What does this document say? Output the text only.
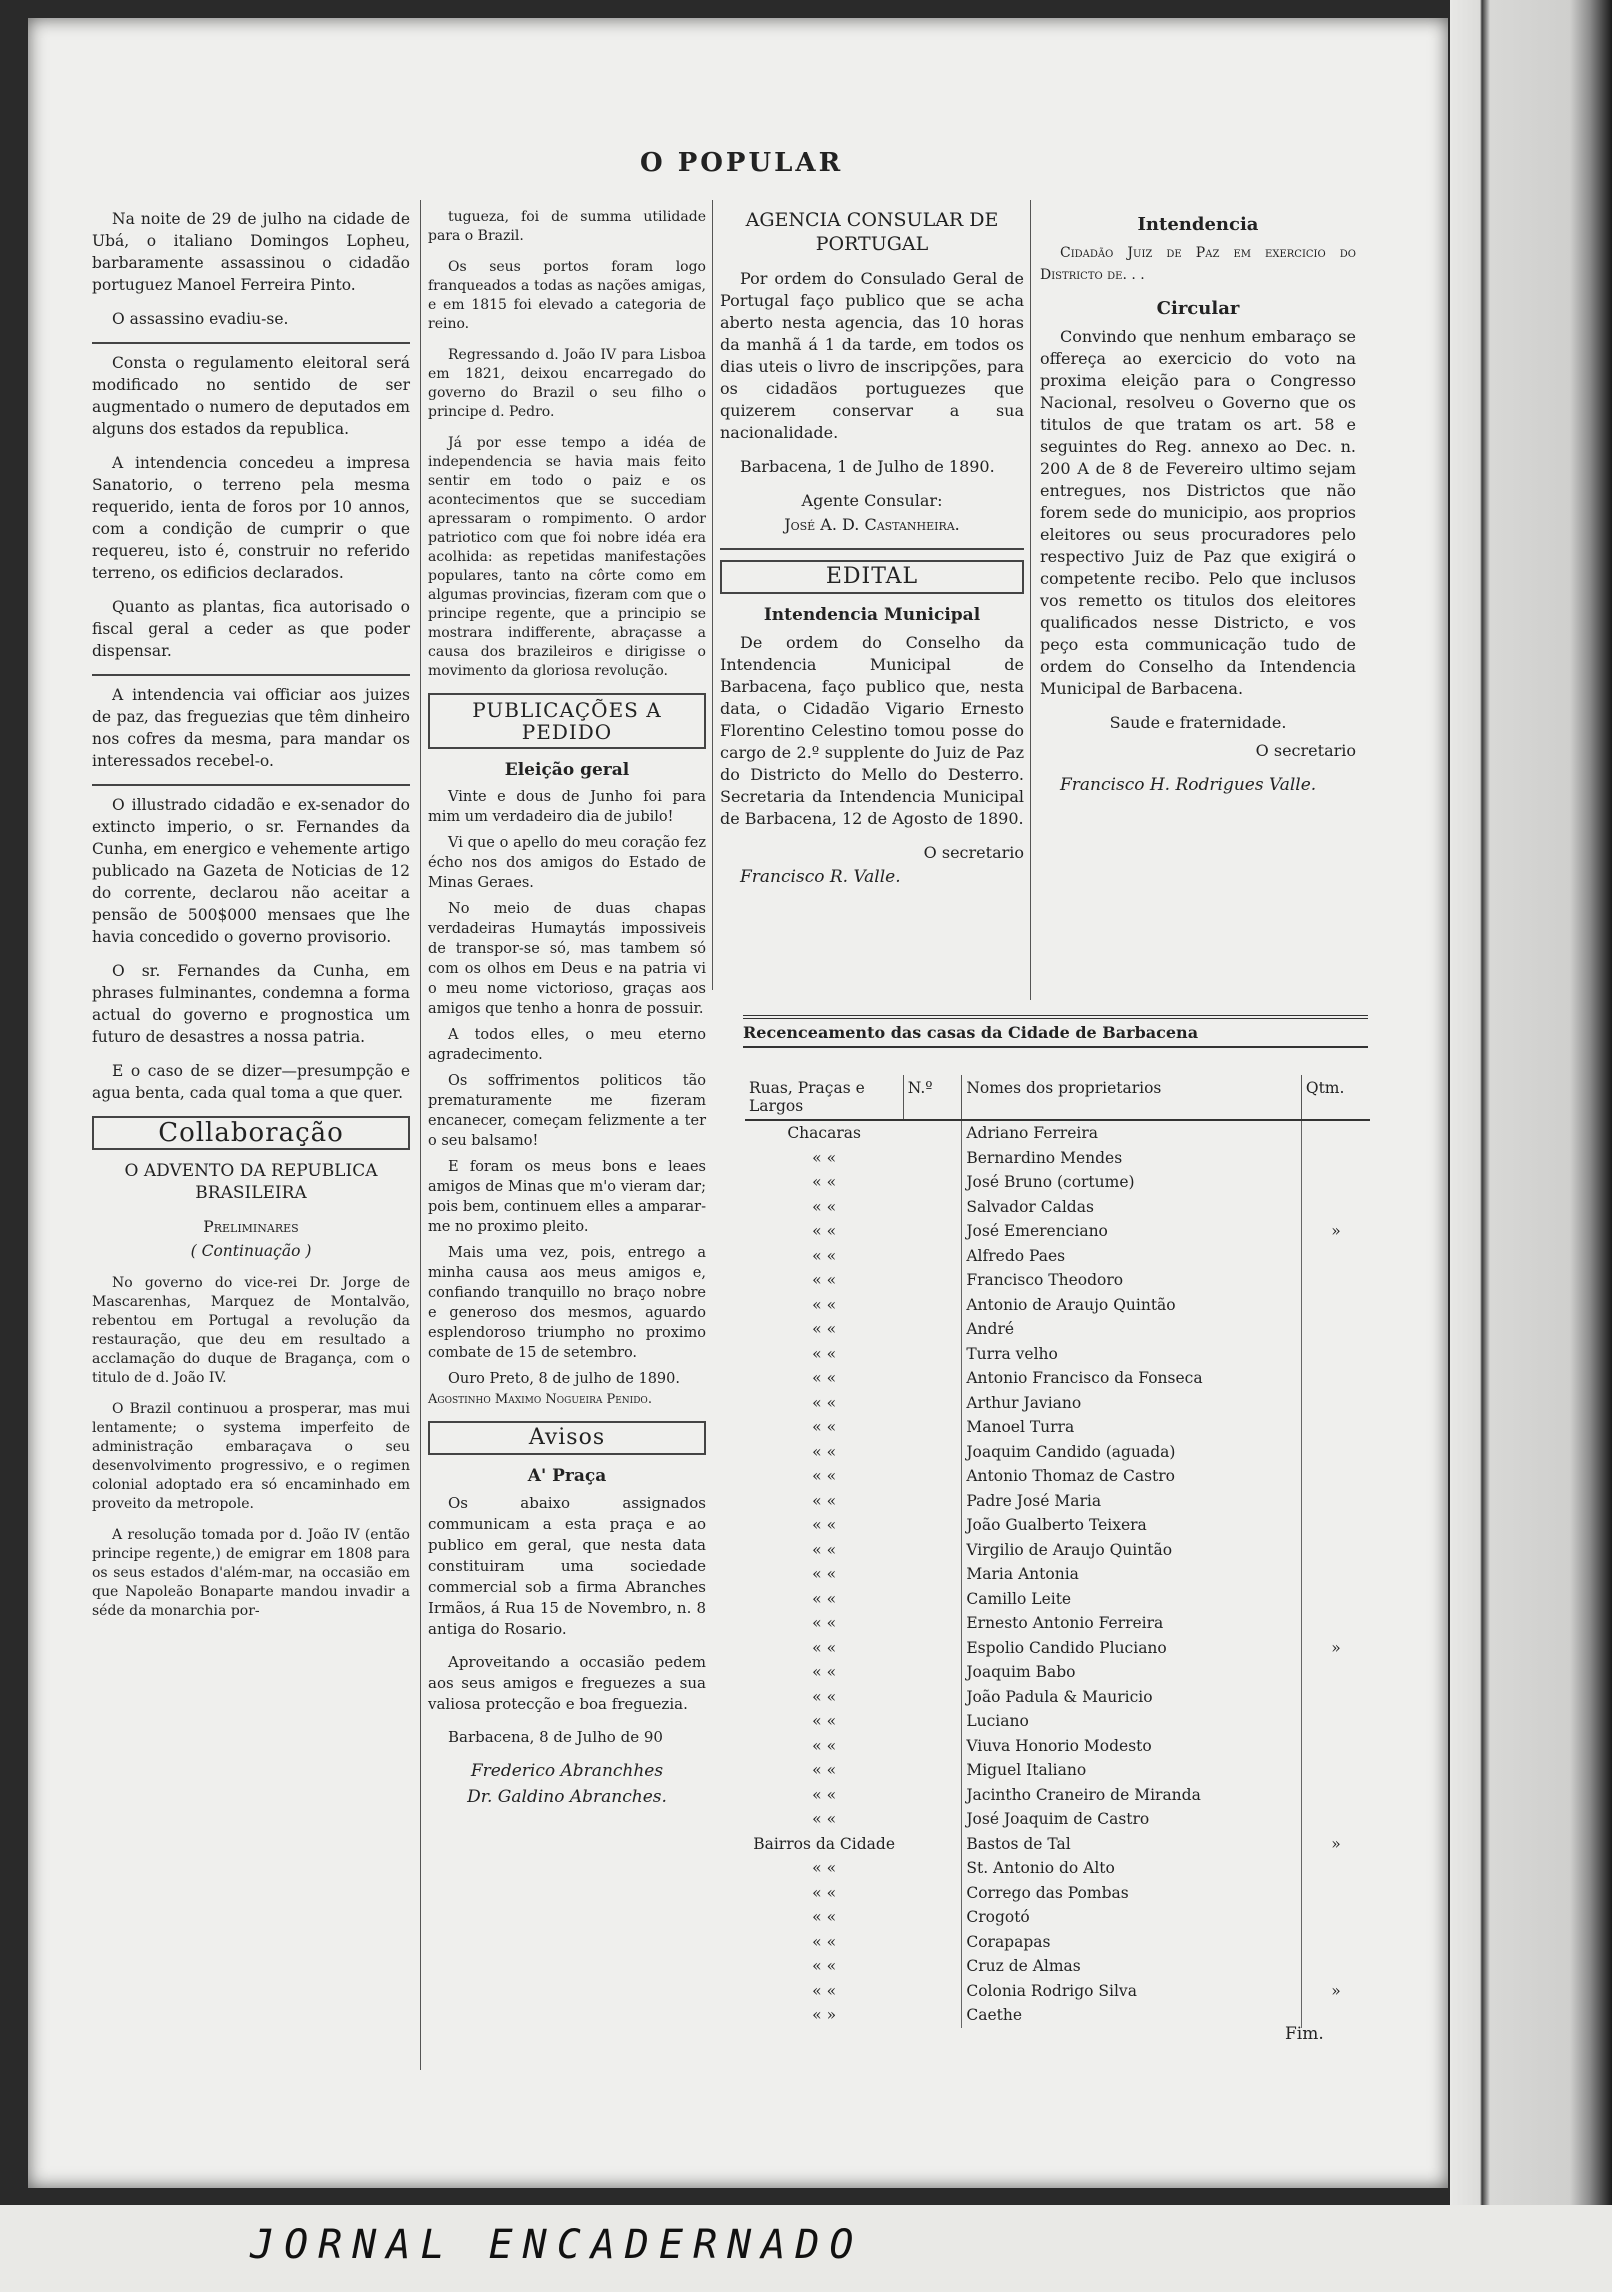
JORNAL ENCADERNADO
O POPULAR

Na noite de 29 de julho na cidade de Ubá, o italiano Domingos Lopheu, barbaramente assassinou o cidadão portuguez Manoel Ferreira Pinto.

O assassino evadiu-se.

Consta o regulamento eleitoral será modificado no sentido de ser augmentado o numero de deputados em alguns dos estados da republica.

A intendencia concedeu a impresa Sanatorio, o terreno pela mesma requerido, ienta de foros por 10 annos, com a condição de cumprir o que requereu, isto é, construir no referido terreno, os edificios declarados.

Quanto as plantas, fica autorisado o fiscal geral a ceder as que poder dispensar.

A intendencia vai officiar aos juizes de paz, das freguezias que têm dinheiro nos cofres da mesma, para mandar os interessados recebel-o.

O illustrado cidadão e ex-senador do extincto imperio, o sr. Fernandes da Cunha, em energico e vehemente artigo publicado na Gazeta de Noticias de 12 do corrente, declarou não aceitar a pensão de 500$000 mensaes que lhe havia concedido o governo provisorio.

O sr. Fernandes da Cunha, em phrases fulminantes, condemna a forma actual do governo e prognostica um futuro de desastres a nossa patria.

E o caso de se dizer—presumpção e agua benta, cada qual toma a que quer.

Collaboração

O ADVENTO DA REPUBLICA BRASILEIRA

Preliminares

( Continuação )

No governo do vice-rei Dr. Jorge de Mascarenhas, Marquez de Montalvão, rebentou em Portugal a revolução da restauração, que deu em resultado a acclamação do duque de Bragança, com o titulo de d. João IV.

O Brazil continuou a prosperar, mas mui lentamente; o systema imperfeito de administração embaraçava o seu desenvolvimento progressivo, e o regimen colonial adoptado era só encaminhado em proveito da metropole.

A resolução tomada por d. João IV (então principe regente,) de emigrar em 1808 para os seus estados d'além-mar, na occasião em que Napoleão Bonaparte mandou invadir a séde da monarchia por-

tugueza, foi de summa utilidade para o Brazil.

Os seus portos foram logo franqueados a todas as nações amigas, e em 1815 foi elevado a categoria de reino.

Regressando d. João IV para Lisboa em 1821, deixou encarregado do governo do Brazil o seu filho o principe d. Pedro.

Já por esse tempo a idéa de independencia se havia mais feito sentir em todo o paiz e os acontecimentos que se succediam apressaram o rompimento. O ardor patriotico com que foi nobre idéa era acolhida: as repetidas manifestações populares, tanto na côrte como em algumas provincias, fizeram com que o principe regente, que a principio se mostrara indifferente, abraçasse a causa dos brazileiros e dirigisse o movimento da gloriosa revolução.

PUBLICAÇÕES A PEDIDO
Eleição geral

Vinte e dous de Junho foi para mim um verdadeiro dia de jubilo!

Vi que o apello do meu coração fez écho nos dos amigos do Estado de Minas Geraes.

No meio de duas chapas verdadeiras Humaytás impossiveis de transpor-se só, mas tambem só com os olhos em Deus e na patria vi o meu nome victorioso, graças aos amigos que tenho a honra de possuir.

A todos elles, o meu eterno agradecimento.

Os soffrimentos politicos tão prematuramente me fizeram encanecer, começam felizmente a ter o seu balsamo!

E foram os meus bons e leaes amigos de Minas que m'o vieram dar; pois bem, continuem elles a amparar-me no proximo pleito.

Mais uma vez, pois, entrego a minha causa aos meus amigos e, confiando tranquillo no braço nobre e generoso dos mesmos, aguardo esplendoroso triumpho no proximo combate de 15 de setembro.

Ouro Preto, 8 de julho de 1890.

Agostinho Maximo Nogueira Penido.

Avisos
A' Praça

Os abaixo assignados communicam a esta praça e ao publico em geral, que nesta data constituiram uma sociedade commercial sob a firma Abranches Irmãos, á Rua 15 de Novembro, n. 8 antiga do Rosario.

Aproveitando a occasião pedem aos seus amigos e freguezes a sua valiosa protecção e boa freguezia.

Barbacena, 8 de Julho de 90

Frederico Abranchhes

Dr. Galdino Abranches.

AGENCIA CONSULAR DE PORTUGAL

Por ordem do Consulado Geral de Portugal faço publico que se acha aberto nesta agencia, das 10 horas da manhã á 1 da tarde, em todos os dias uteis o livro de inscripções, para os cidadãos portuguezes que quizerem conservar a sua nacionalidade.

Barbacena, 1 de Julho de 1890.

Agente Consular:

José A. D. Castanheira.

EDITAL
Intendencia Municipal

De ordem do Conselho da Intendencia Municipal de Barbacena, faço publico que, nesta data, o Cidadão Vigario Ernesto Florentino Celestino tomou posse do cargo de 2.º supplente do Juiz de Paz do Districto do Mello do Desterro. Secretaria da Intendencia Municipal de Barbacena, 12 de Agosto de 1890.

O secretario

Francisco R. Valle.

Intendencia

Cidadão Juiz de Paz em exercicio do Districto de. . .

Circular

Convindo que nenhum embaraço se offereça ao exercicio do voto na proxima eleição para o Congresso Nacional, resolveu o Governo que os titulos de que tratam os art. 58 e seguintes do Reg. annexo ao Dec. n. 200 A de 8 de Fevereiro ultimo sejam entregues, nos Districtos que não forem sede do municipio, aos proprios eleitores ou seus procuradores pelo respectivo Juiz de Paz que exigirá o competente recibo. Pelo que inclusos vos remetto os titulos dos eleitores qualificados nesse Districto, e vos peço esta communicação tudo de ordem do Conselho da Intendencia Municipal de Barbacena.

Saude e fraternidade.

O secretario

Francisco H. Rodrigues Valle.

Recenceamento das casas da Cidade de Barbacena
Ruas, Praças e Largos	N.º	Nomes dos proprietarios	Qtm.
Chacaras		Adriano Ferreira	
« «		Bernardino Mendes	
« «		José Bruno (cortume)	
« «		Salvador Caldas	
« «		José Emerenciano	»
« «		Alfredo Paes	
« «		Francisco Theodoro	
« «		Antonio de Araujo Quintão	
« «		André	
« «		Turra velho	
« «		Antonio Francisco da Fonseca	
« «		Arthur Javiano	
« «		Manoel Turra	
« «		Joaquim Candido (aguada)	
« «		Antonio Thomaz de Castro	
« «		Padre José Maria	
« «		João Gualberto Teixera	
« «		Virgilio de Araujo Quintão	
« «		Maria Antonia	
« «		Camillo Leite	
« «		Ernesto Antonio Ferreira	
« «		Espolio Candido Pluciano	»
« «		Joaquim Babo	
« «		João Padula & Mauricio	
« «		Luciano	
« «		Viuva Honorio Modesto	
« «		Miguel Italiano	
« «		Jacintho Craneiro de Miranda	
« «		José Joaquim de Castro	
Bairros da Cidade		Bastos de Tal	»
« «		St. Antonio do Alto	
« «		Corrego das Pombas	
« «		Crogotó	
« «		Corapapas	
« «		Cruz de Almas	
« «		Colonia Rodrigo Silva	»
« »		Caethe	
Fim.
